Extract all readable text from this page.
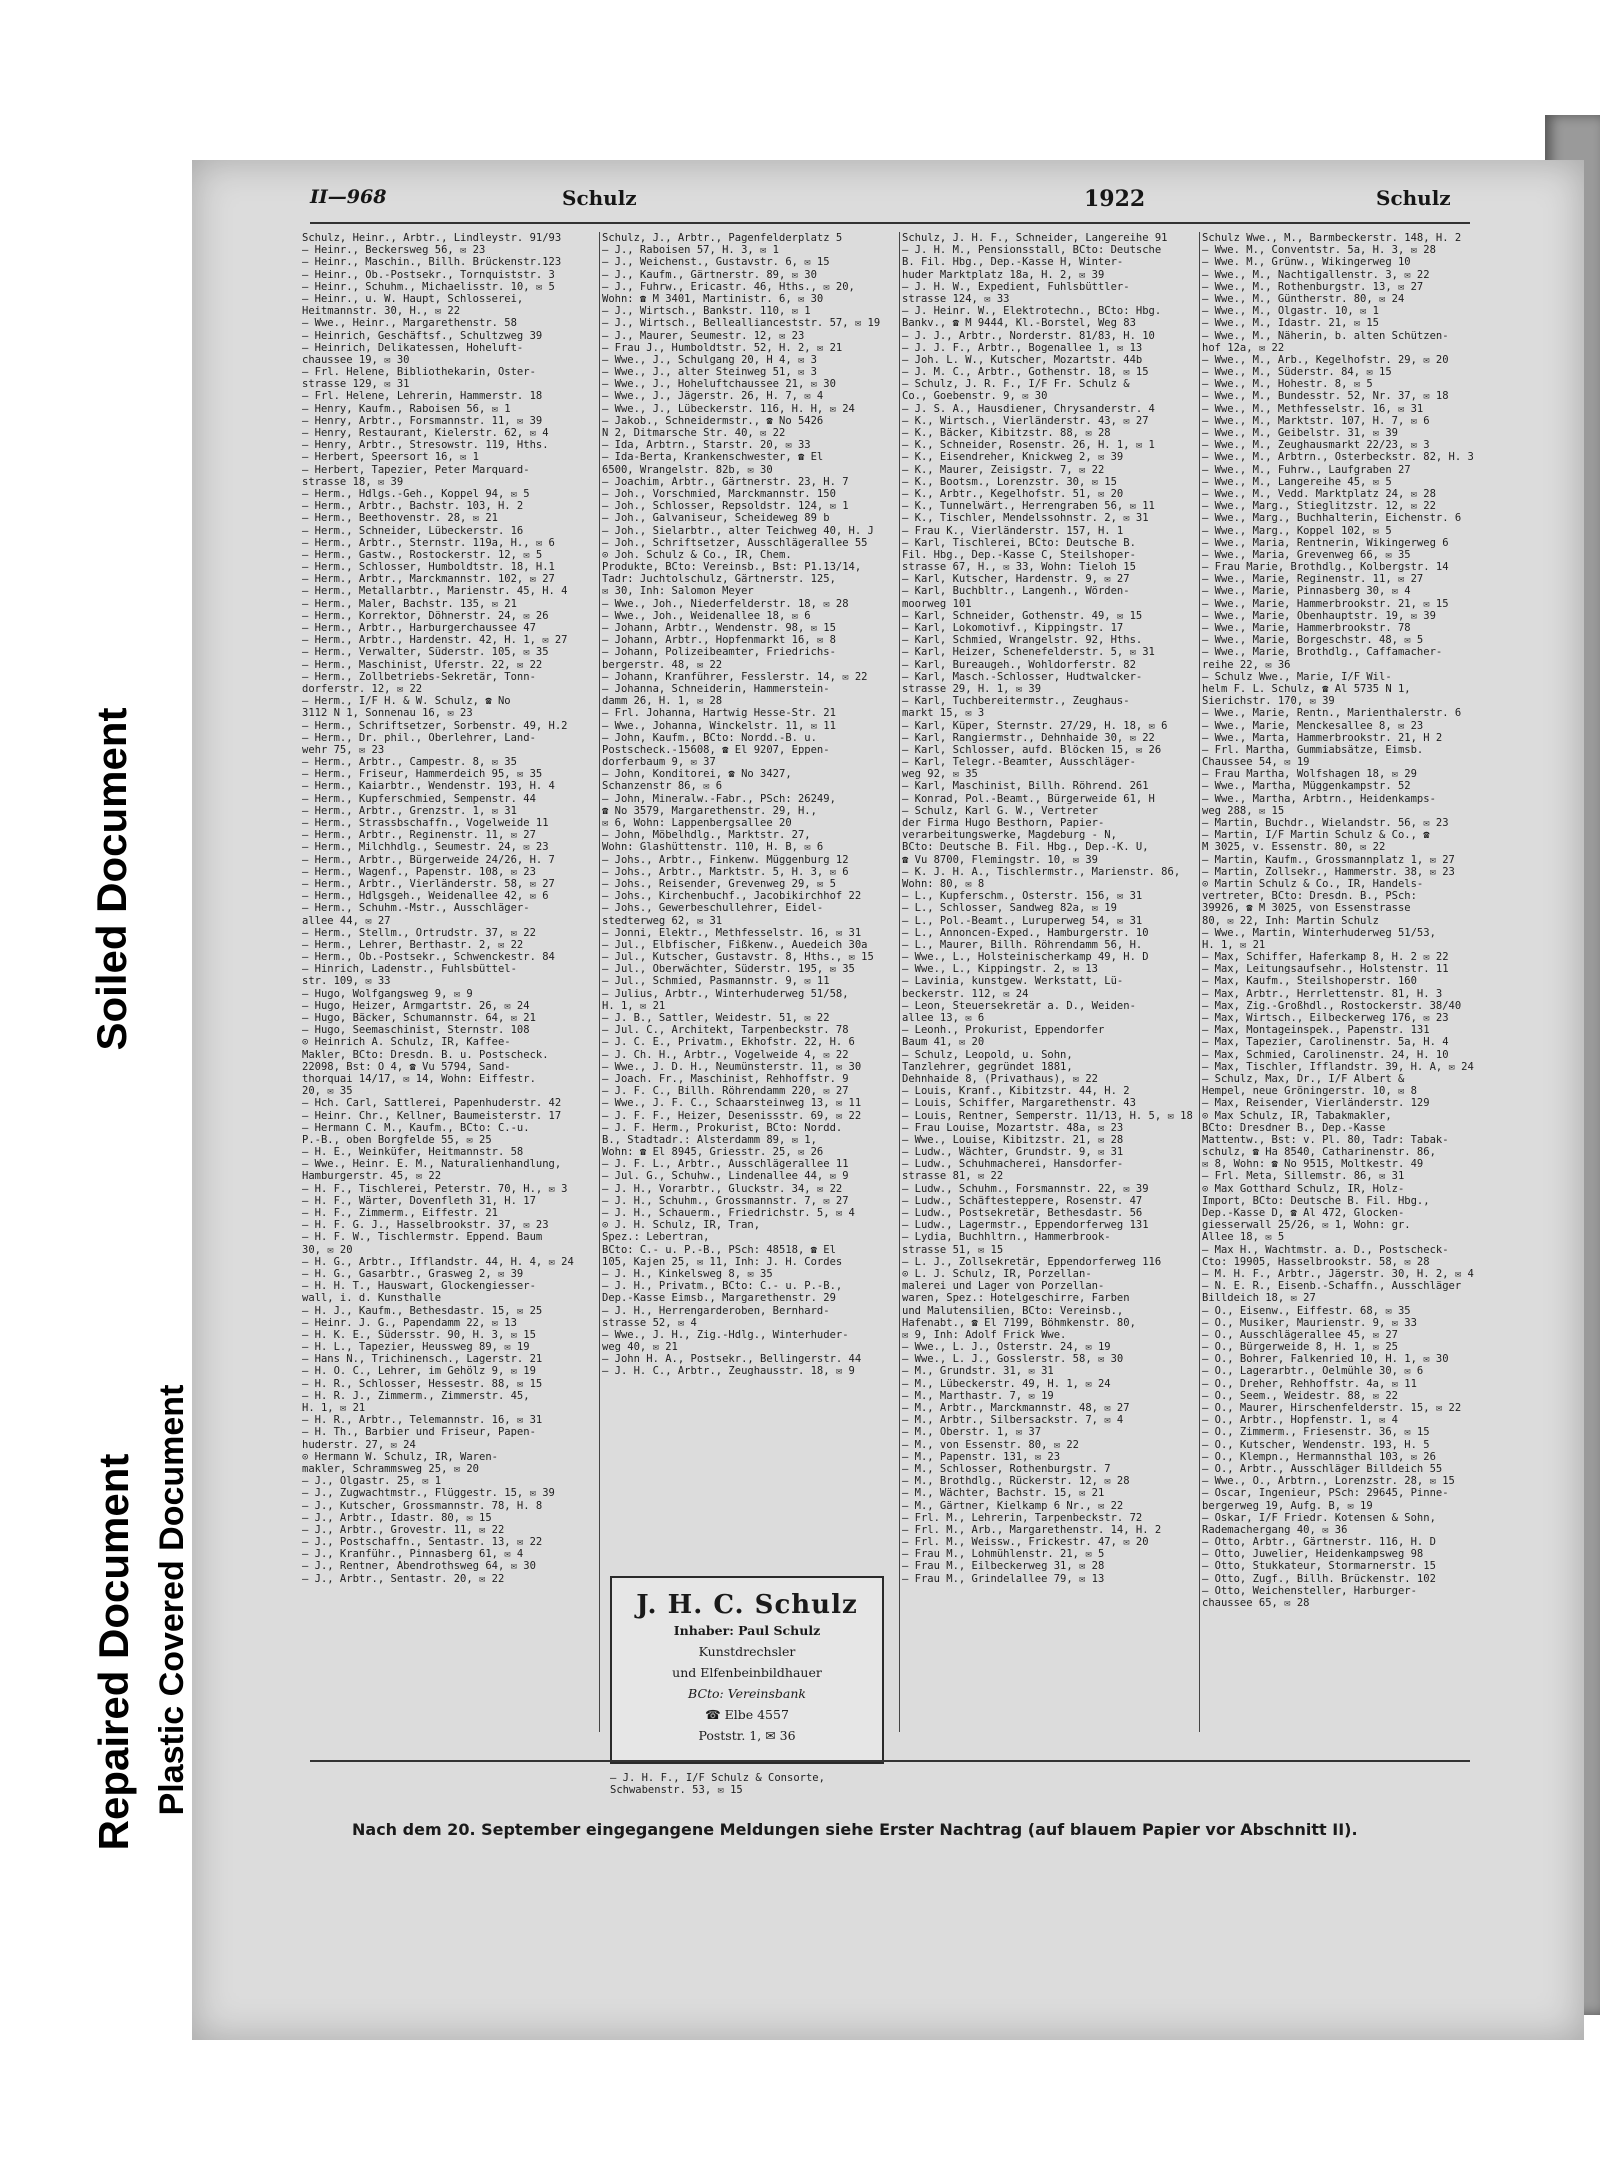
II—968	Schulz	1922	Schulz
Schulz, Heinr., Arbtr., Lindleystr. 91/93
— Heinr., Beckersweg 56, ✉ 23
— Heinr., Maschin., Billh. Brückenstr.123
— Heinr., Ob.-Postsekr., Tornquiststr. 3
— Heinr., Schuhm., Michaelisstr. 10, ✉ 5
— Heinr., u. W. Haupt, Schlosserei,
Heitmannstr. 30, H., ✉ 22
— Wwe., Heinr., Margarethenstr. 58
— Heinrich, Geschäftsf., Schultzweg 39
— Heinrich, Delikatessen, Hoheluft-
chaussee 19, ✉ 30
— Frl. Helene, Bibliothekarin, Oster-
strasse 129, ✉ 31
— Frl. Helene, Lehrerin, Hammerstr. 18
— Henry, Kaufm., Raboisen 56, ✉ 1
— Henry, Arbtr., Forsmannstr. 11, ✉ 39
— Henry, Restaurant, Kielerstr. 62, ✉ 4
— Henry, Arbtr., Stresowstr. 119, Hths.
— Herbert, Speersort 16, ✉ 1
— Herbert, Tapezier, Peter Marquard-
strasse 18, ✉ 39
— Herm., Hdlgs.-Geh., Koppel 94, ✉ 5
— Herm., Arbtr., Bachstr. 103, H. 2
— Herm., Beethovenstr. 28, ✉ 21
— Herm., Schneider, Lübeckerstr. 16
— Herm., Arbtr., Sternstr. 119a, H., ✉ 6
— Herm., Gastw., Rostockerstr. 12, ✉ 5
— Herm., Schlosser, Humboldtstr. 18, H.1
— Herm., Arbtr., Marckmannstr. 102, ✉ 27
— Herm., Metallarbtr., Marienstr. 45, H. 4
— Herm., Maler, Bachstr. 135, ✉ 21
— Herm., Korrektor, Döhnerstr. 24, ✉ 26
— Herm., Arbtr., Harburgerchaussee 47
— Herm., Arbtr., Hardenstr. 42, H. 1, ✉ 27
— Herm., Verwalter, Süderstr. 105, ✉ 35
— Herm., Maschinist, Uferstr. 22, ✉ 22
— Herm., Zollbetriebs-Sekretär, Tonn-
dorferstr. 12, ✉ 22
— Herm., I/F H. & W. Schulz, ☎ No
3112 N 1, Sonnenau 16, ✉ 23
— Herm., Schriftsetzer, Sorbenstr. 49, H.2
— Herm., Dr. phil., Oberlehrer, Land-
wehr 75, ✉ 23
— Herm., Arbtr., Campestr. 8, ✉ 35
— Herm., Friseur, Hammerdeich 95, ✉ 35
— Herm., Kaiarbtr., Wendenstr. 193, H. 4
— Herm., Kupferschmied, Sempenstr. 44
— Herm., Arbtr., Grenzstr. 1, ✉ 31
— Herm., Strassbschaffn., Vogelweide 11
— Herm., Arbtr., Reginenstr. 11, ✉ 27
— Herm., Milchhdlg., Seumestr. 24, ✉ 23
— Herm., Arbtr., Bürgerweide 24/26, H. 7
— Herm., Wagenf., Papenstr. 108, ✉ 23
— Herm., Arbtr., Vierländerstr. 58, ✉ 27
— Herm., Hdlgsgeh., Weidenallee 42, ✉ 6
— Herm., Schuhm.-Mstr., Ausschläger-
allee 44, ✉ 27
— Herm., Stellm., Ortrudstr. 37, ✉ 22
— Herm., Lehrer, Berthastr. 2, ✉ 22
— Herm., Ob.-Postsekr., Schwenckestr. 84
— Hinrich, Ladenstr., Fuhlsbüttel-
str. 109, ✉ 33
— Hugo, Wolfgangsweg 9, ✉ 9
— Hugo, Heizer, Armgartstr. 26, ✉ 24
— Hugo, Bäcker, Schumannstr. 64, ✉ 21
— Hugo, Seemaschinist, Sternstr. 108
⊙ Heinrich A. Schulz, IR, Kaffee-
Makler, BCto: Dresdn. B. u. Postscheck.
22098, Bst: O 4, ☎ Vu 5794, Sand-
thorquai 14/17, ✉ 14, Wohn: Eiffestr.
20, ✉ 35
— Hch. Carl, Sattlerei, Papenhuderstr. 42
— Heinr. Chr., Kellner, Baumeisterstr. 17
— Hermann C. M., Kaufm., BCto: C.-u.
P.-B., oben Borgfelde 55, ✉ 25
— H. E., Weinküfer, Heitmannstr. 58
— Wwe., Heinr. E. M., Naturalienhandlung,
Hamburgerstr. 45, ✉ 22
— H. F., Tischlerei, Peterstr. 70, H., ✉ 3
— H. F., Wärter, Dovenfleth 31, H. 17
— H. F., Zimmerm., Eiffestr. 21
— H. F. G. J., Hasselbrookstr. 37, ✉ 23
— H. F. W., Tischlermstr. Eppend. Baum
30, ✉ 20
— H. G., Arbtr., Ifflandstr. 44, H. 4, ✉ 24
— H. G., Gasarbtr., Grasweg 2, ✉ 39
— H. H. T., Hauswart, Glockengiesser-
wall, i. d. Kunsthalle
— H. J., Kaufm., Bethesdastr. 15, ✉ 25
— Heinr. J. G., Papendamm 22, ✉ 13
— H. K. E., Südersstr. 90, H. 3, ✉ 15
— H. L., Tapezier, Heussweg 89, ✉ 19
— Hans N., Trichinensch., Lagerstr. 21
— H. O. C., Lehrer, im Gehölz 9, ✉ 19
— H. R., Schlosser, Hessestr. 88, ✉ 15
— H. R. J., Zimmerm., Zimmerstr. 45,
H. 1, ✉ 21
— H. R., Arbtr., Telemannstr. 16, ✉ 31
— H. Th., Barbier und Friseur, Papen-
huderstr. 27, ✉ 24
⊙ Hermann W. Schulz, IR, Waren-
makler, Schrammsweg 25, ✉ 20
— J., Olgastr. 25, ✉ 1
— J., Zugwachtmstr., Flüggestr. 15, ✉ 39
— J., Kutscher, Grossmannstr. 78, H. 8
— J., Arbtr., Idastr. 80, ✉ 15
— J., Arbtr., Grovestr. 11, ✉ 22
— J., Postschaffn., Sentastr. 13, ✉ 22
— J., Kranführ., Pinnasberg 61, ✉ 4
— J., Rentner, Abendrothsweg 64, ✉ 30
— J., Arbtr., Sentastr. 20, ✉ 22
Schulz, J., Arbtr., Pagenfelderplatz 5
— J., Raboisen 57, H. 3, ✉ 1
— J., Weichenst., Gustavstr. 6, ✉ 15
— J., Kaufm., Gärtnerstr. 89, ✉ 30
— J., Fuhrw., Ericastr. 46, Hths., ✉ 20,
Wohn: ☎ M 3401, Martinistr. 6, ✉ 30
— J., Wirtsch., Bankstr. 110, ✉ 1
— J., Wirtsch., Belleallianceststr. 57, ✉ 19
— J., Maurer, Seumestr. 12, ✉ 23
— Frau J., Humboldtstr. 52, H. 2, ✉ 21
— Wwe., J., Schulgang 20, H 4, ✉ 3
— Wwe., J., alter Steinweg 51, ✉ 3
— Wwe., J., Hoheluftchaussee 21, ✉ 30
— Wwe., J., Jägerstr. 26, H. 7, ✉ 4
— Wwe., J., Lübeckerstr. 116, H. H, ✉ 24
— Jakob., Schneidermstr., ☎ No 5426
N 2, Ditmarsche Str. 40, ✉ 22
— Ida, Arbtrn., Starstr. 20, ✉ 33
— Ida-Berta, Krankenschwester, ☎ El
6500, Wrangelstr. 82b, ✉ 30
— Joachim, Arbtr., Gärtnerstr. 23, H. 7
— Joh., Vorschmied, Marckmannstr. 150
— Joh., Schlosser, Repsoldstr. 124, ✉ 1
— Joh., Galvaniseur, Scheideweg 89 b
— Joh., Sielarbtr., alter Teichweg 40, H. J
— Joh., Schriftsetzer, Ausschlägerallee 55
⊙ Joh. Schulz & Co., IR, Chem.
Produkte, BCto: Vereinsb., Bst: P1.13/14,
Tadr: Juchtolschulz, Gärtnerstr. 125,
✉ 30, Inh: Salomon Meyer
— Wwe., Joh., Niederfelderstr. 18, ✉ 28
— Wwe., Joh., Weidenallee 18, ✉ 6
— Johann, Arbtr., Wendenstr. 98, ✉ 15
— Johann, Arbtr., Hopfenmarkt 16, ✉ 8
— Johann, Polizeibeamter, Friedrichs-
bergerstr. 48, ✉ 22
— Johann, Kranführer, Fesslerstr. 14, ✉ 22
— Johanna, Schneiderin, Hammerstein-
damm 26, H. 1, ✉ 28
— Frl. Johanna, Hartwig Hesse-Str. 21
— Wwe., Johanna, Winckelstr. 11, ✉ 11
— John, Kaufm., BCto: Nordd.-B. u.
Postscheck.-15608, ☎ El 9207, Eppen-
dorferbaum 9, ✉ 37
— John, Konditorei, ☎ No 3427,
Schanzenstr 86, ✉ 6
— John, Mineralw.-Fabr., PSch: 26249,
☎ No 3579, Margarethenstr. 29, H.,
✉ 6, Wohn: Lappenbergsallee 20
— John, Möbelhdlg., Marktstr. 27,
Wohn: Glashüttenstr. 110, H. B, ✉ 6
— Johs., Arbtr., Finkenw. Müggenburg 12
— Johs., Arbtr., Marktstr. 5, H. 3, ✉ 6
— Johs., Reisender, Grevenweg 29, ✉ 5
— Johs., Kirchenbuchf., Jacobikirchhof 22
— Johs., Gewerbeschullehrer, Eidel-
stedterweg 62, ✉ 31
— Jonni, Elektr., Methfesselstr. 16, ✉ 31
— Jul., Elbfischer, Fißkenw., Auedeich 30a
— Jul., Kutscher, Gustavstr. 8, Hths., ✉ 15
— Jul., Oberwächter, Süderstr. 195, ✉ 35
— Jul., Schmied, Pasmannstr. 9, ✉ 11
— Julius, Arbtr., Winterhuderweg 51/58,
H. 1, ✉ 21
— J. B., Sattler, Weidestr. 51, ✉ 22
— Jul. C., Architekt, Tarpenbeckstr. 78
— J. C. E., Privatm., Ekhofstr. 22, H. 6
— J. Ch. H., Arbtr., Vogelweide 4, ✉ 22
— Wwe., J. D. H., Neumünsterstr. 11, ✉ 30
— Joach. Fr., Maschinist, Rehhoffstr. 9
— J. F. C., Billh. Röhrendamm 220, ✉ 27
— Wwe., J. F. C., Schaarsteinweg 13, ✉ 11
— J. F. F., Heizer, Desenissstr. 69, ✉ 22
— J. F. Herm., Prokurist, BCto: Nordd.
B., Stadtadr.: Alsterdamm 89, ✉ 1,
Wohn: ☎ El 8945, Griesstr. 25, ✉ 26
— J. F. L., Arbtr., Ausschlägerallee 11
— Jul. G., Schuhw., Lindenallee 44, ✉ 9
— J. H., Vorarbtr., Gluckstr. 34, ✉ 22
— J. H., Schuhm., Grossmannstr. 7, ✉ 27
— J. H., Schauerm., Friedrichstr. 5, ✉ 4
⊙ J. H. Schulz, IR, Tran,
Spez.: Lebertran,
BCto: C.- u. P.-B., PSch: 48518, ☎ El
105, Kajen 25, ✉ 11, Inh: J. H. Cordes
— J. H., Kinkelsweg 8, ✉ 35
— J. H., Privatm., BCto: C.- u. P.-B.,
Dep.-Kasse Eimsb., Margarethenstr. 29
— J. H., Herrengarderoben, Bernhard-
strasse 52, ✉ 4
— Wwe., J. H., Zig.-Hdlg., Winterhuder-
weg 40, ✉ 21
— John H. A., Postsekr., Bellingerstr. 44
— J. H. C., Arbtr., Zeughausstr. 18, ✉ 9
Schulz, J. H. F., Schneider, Langereihe 91
— J. H. M., Pensionsstall, BCto: Deutsche
B. Fil. Hbg., Dep.-Kasse H, Winter-
huder Marktplatz 18a, H. 2, ✉ 39
— J. H. W., Expedient, Fuhlsbüttler-
strasse 124, ✉ 33
— J. Heinr. W., Elektrotechn., BCto: Hbg.
Bankv., ☎ M 9444, Kl.-Borstel, Weg 83
— J. J., Arbtr., Norderstr. 81/83, H. 10
— J. J. F., Arbtr., Bogenallee 1, ✉ 13
— Joh. L. W., Kutscher, Mozartstr. 44b
— J. M. C., Arbtr., Gothenstr. 18, ✉ 15
— Schulz, J. R. F., I/F Fr. Schulz &
Co., Goebenstr. 9, ✉ 30
— J. S. A., Hausdiener, Chrysanderstr. 4
— K., Wirtsch., Vierländerstr. 43, ✉ 27
— K., Bäcker, Kibitzstr. 88, ✉ 28
— K., Schneider, Rosenstr. 26, H. 1, ✉ 1
— K., Eisendreher, Knickweg 2, ✉ 39
— K., Maurer, Zeisigstr. 7, ✉ 22
— K., Bootsm., Lorenzstr. 30, ✉ 15
— K., Arbtr., Kegelhofstr. 51, ✉ 20
— K., Tunnelwärt., Herrengraben 56, ✉ 11
— K., Tischler, Mendelssohnstr. 2, ✉ 31
— Frau K., Vierländerstr. 157, H. 1
— Karl, Tischlerei, BCto: Deutsche B.
Fil. Hbg., Dep.-Kasse C, Steilshoper-
strasse 67, H., ✉ 33, Wohn: Tieloh 15
— Karl, Kutscher, Hardenstr. 9, ✉ 27
— Karl, Buchbltr., Langenh., Wörden-
moorweg 101
— Karl, Schneider, Gothenstr. 49, ✉ 15
— Karl, Lokomotivf., Kippingstr. 17
— Karl, Schmied, Wrangelstr. 92, Hths.
— Karl, Heizer, Schenefelderstr. 5, ✉ 31
— Karl, Bureaugeh., Wohldorferstr. 82
— Karl, Masch.-Schlosser, Hudtwalcker-
strasse 29, H. 1, ✉ 39
— Karl, Tuchbereitermstr., Zeughaus-
markt 15, ✉ 3
— Karl, Küper, Sternstr. 27/29, H. 18, ✉ 6
— Karl, Rangiermstr., Dehnhaide 30, ✉ 22
— Karl, Schlosser, aufd. Blöcken 15, ✉ 26
— Karl, Telegr.-Beamter, Ausschläger-
weg 92, ✉ 35
— Karl, Maschinist, Billh. Röhrend. 261
— Konrad, Pol.-Beamt., Bürgerweide 61, H
— Schulz, Karl G. W., Vertreter
der Firma Hugo Besthorn, Papier-
verarbeitungswerke, Magdeburg - N,
BCto: Deutsche B. Fil. Hbg., Dep.-K. U,
☎ Vu 8700, Flemingstr. 10, ✉ 39
— K. J. H. A., Tischlermstr., Marienstr. 86,
Wohn: 80, ✉ 8
— L., Kupferschm., Osterstr. 156, ✉ 31
— L., Schlosser, Sandweg 82a, ✉ 19
— L., Pol.-Beamt., Luruperweg 54, ✉ 31
— L., Annoncen-Exped., Hamburgerstr. 10
— L., Maurer, Billh. Röhrendamm 56, H.
— Wwe., L., Holsteinischerkamp 49, H. D
— Wwe., L., Kippingstr. 2, ✉ 13
— Lavinia, kunstgew. Werkstatt, Lü-
beckerstr. 112, ✉ 24
— Leon, Steuersekretär a. D., Weiden-
allee 13, ✉ 6
— Leonh., Prokurist, Eppendorfer
Baum 41, ✉ 20
— Schulz, Leopold, u. Sohn,
Tanzlehrer, gegründet 1881,
Dehnhaide 8, (Privathaus), ✉ 22
— Louis, Kranf., Kibitzstr. 44, H. 2
— Louis, Schiffer, Margarethenstr. 43
— Louis, Rentner, Semperstr. 11/13, H. 5, ✉ 18
— Frau Louise, Mozartstr. 48a, ✉ 23
— Wwe., Louise, Kibitzstr. 21, ✉ 28
— Ludw., Wächter, Grundstr. 9, ✉ 31
— Ludw., Schuhmacherei, Hansdorfer-
strasse 81, ✉ 22
— Ludw., Schuhm., Forsmannstr. 22, ✉ 39
— Ludw., Schäftesteppere, Rosenstr. 47
— Ludw., Postsekretär, Bethesdastr. 56
— Ludw., Lagermstr., Eppendorferweg 131
— Lydia, Buchhltrn., Hammerbrook-
strasse 51, ✉ 15
— L. J., Zollsekretär, Eppendorferweg 116
⊙ L. J. Schulz, IR, Porzellan-
malerei und Lager von Porzellan-
waren, Spez.: Hotelgeschirre, Farben
und Malutensilien, BCto: Vereinsb.,
Hafenabt., ☎ El 7199, Böhmkenstr. 80,
✉ 9, Inh: Adolf Frick Wwe.
— Wwe., L. J., Osterstr. 24, ✉ 19
— Wwe., L. J., Gosslerstr. 58, ✉ 30
— M., Grundstr. 31, ✉ 31
— M., Lübeckerstr. 49, H. 1, ✉ 24
— M., Marthastr. 7, ✉ 19
— M., Arbtr., Marckmannstr. 48, ✉ 27
— M., Arbtr., Silbersackstr. 7, ✉ 4
— M., Oberstr. 1, ✉ 37
— M., von Essenstr. 80, ✉ 22
— M., Papenstr. 131, ✉ 23
— M., Schlosser, Rothenburgstr. 7
— M., Brothdlg., Rückerstr. 12, ✉ 28
— M., Wächter, Bachstr. 15, ✉ 21
— M., Gärtner, Kielkamp 6 Nr., ✉ 22
— Frl. M., Lehrerin, Tarpenbeckstr. 72
— Frl. M., Arb., Margarethenstr. 14, H. 2
— Frl. M., Weissw., Frickestr. 47, ✉ 20
— Frau M., Lohmühlenstr. 21, ✉ 5
— Frau M., Eilbeckerweg 31, ✉ 28
— Frau M., Grindelallee 79, ✉ 13
Schulz Wwe., M., Barmbeckerstr. 148, H. 2
— Wwe. M., Conventstr. 5a, H. 3, ✉ 28
— Wwe. M., Grünw., Wikingerweg 10
— Wwe., M., Nachtigallenstr. 3, ✉ 22
— Wwe., M., Rothenburgstr. 13, ✉ 27
— Wwe., M., Güntherstr. 80, ✉ 24
— Wwe., M., Olgastr. 10, ✉ 1
— Wwe., M., Idastr. 21, ✉ 15
— Wwe., M., Näherin, b. alten Schützen-
hof 12a, ✉ 22
— Wwe., M., Arb., Kegelhofstr. 29, ✉ 20
— Wwe., M., Süderstr. 84, ✉ 15
— Wwe., M., Hohestr. 8, ✉ 5
— Wwe., M., Bundesstr. 52, Nr. 37, ✉ 18
— Wwe., M., Methfesselstr. 16, ✉ 31
— Wwe., M., Marktstr. 107, H. 7, ✉ 6
— Wwe., M., Geibelstr. 31, ✉ 39
— Wwe., M., Zeughausmarkt 22/23, ✉ 3
— Wwe., M., Arbtrn., Osterbeckstr. 82, H. 3
— Wwe., M., Fuhrw., Laufgraben 27
— Wwe., M., Langereihe 45, ✉ 5
— Wwe., M., Vedd. Marktplatz 24, ✉ 28
— Wwe., Marg., Stieglitzstr. 12, ✉ 22
— Wwe., Marg., Buchhalterin, Eichenstr. 6
— Wwe., Marg., Koppel 102, ✉ 5
— Wwe., Maria, Rentnerin, Wikingerweg 6
— Wwe., Maria, Grevenweg 66, ✉ 35
— Frau Marie, Brothdlg., Kolbergstr. 14
— Wwe., Marie, Reginenstr. 11, ✉ 27
— Wwe., Marie, Pinnasberg 30, ✉ 4
— Wwe., Marie, Hammerbrookstr. 21, ✉ 15
— Wwe., Marie, Obenhauptstr. 19, ✉ 39
— Wwe., Marie, Hammerbrookstr. 78
— Wwe., Marie, Borgeschstr. 48, ✉ 5
— Wwe., Marie, Brothdlg., Caffamacher-
reihe 22, ✉ 36
— Schulz Wwe., Marie, I/F Wil-
helm F. L. Schulz, ☎ Al 5735 N 1,
Sierichstr. 170, ✉ 39
— Wwe., Marie, Rentn., Marienthalerstr. 6
— Wwe., Marie, Menckesallee 8, ✉ 23
— Wwe., Marta, Hammerbrookstr. 21, H 2
— Frl. Martha, Gummiabsätze, Eimsb.
Chaussee 54, ✉ 19
— Frau Martha, Wolfshagen 18, ✉ 29
— Wwe., Martha, Müggenkampstr. 52
— Wwe., Martha, Arbtrn., Heidenkamps-
weg 288, ✉ 15
— Martin, Buchdr., Wielandstr. 56, ✉ 23
— Martin, I/F Martin Schulz & Co., ☎
M 3025, v. Essenstr. 80, ✉ 22
— Martin, Kaufm., Grossmannplatz 1, ✉ 27
— Martin, Zollsekr., Hammerstr. 38, ✉ 23
⊙ Martin Schulz & Co., IR, Handels-
vertreter, BCto: Dresdn. B., PSch:
39926, ☎ M 3025, von Essenstrasse
80, ✉ 22, Inh: Martin Schulz
— Wwe., Martin, Winterhuderweg 51/53,
H. 1, ✉ 21
— Max, Schiffer, Haferkamp 8, H. 2 ✉ 22
— Max, Leitungsaufsehr., Holstenstr. 11
— Max, Kaufm., Steilshoperstr. 160
— Max, Arbtr., Herrlettenstr. 81, H. 3
— Max, Zig.-Großhdl., Rostockerstr. 38/40
— Max, Wirtsch., Eilbeckerweg 176, ✉ 23
— Max, Montageinspek., Papenstr. 131
— Max, Tapezier, Carolinenstr. 5a, H. 4
— Max, Schmied, Carolinenstr. 24, H. 10
— Max, Tischler, Ifflandstr. 39, H. A, ✉ 24
— Schulz, Max, Dr., I/F Albert &
Hempel, neue Gröningerstr. 10, ✉ 8
— Max, Reisender, Vierländerstr. 129
⊙ Max Schulz, IR, Tabakmakler,
BCto: Dresdner B., Dep.-Kasse
Mattentw., Bst: v. Pl. 80, Tadr: Tabak-
schulz, ☎ Ha 8540, Catharinenstr. 86,
✉ 8, Wohn: ☎ No 9515, Moltkestr. 49
— Frl. Meta, Sillemstr. 86, ✉ 31
⊙ Max Gotthard Schulz, IR, Holz-
Import, BCto: Deutsche B. Fil. Hbg.,
Dep.-Kasse D, ☎ Al 472, Glocken-
giesserwall 25/26, ✉ 1, Wohn: gr.
Allee 18, ✉ 5
— Max H., Wachtmstr. a. D., Postscheck-
Cto: 19905, Hasselbrookstr. 58, ✉ 28
— M. H. F., Arbtr., Jägerstr. 30, H. 2, ✉ 4
— N. E. R., Eisenb.-Schaffn., Ausschläger
Billdeich 18, ✉ 27
— O., Eisenw., Eiffestr. 68, ✉ 35
— O., Musiker, Maurienstr. 9, ✉ 33
— O., Ausschlägerallee 45, ✉ 27
— O., Bürgerweide 8, H. 1, ✉ 25
— O., Bohrer, Falkenried 10, H. 1, ✉ 30
— O., Lagerarbtr., Oelmühle 30, ✉ 6
— O., Dreher, Rehhoffstr. 4a, ✉ 11
— O., Seem., Weidestr. 88, ✉ 22
— O., Maurer, Hirschenfelderstr. 15, ✉ 22
— O., Arbtr., Hopfenstr. 1, ✉ 4
— O., Zimmerm., Friesenstr. 36, ✉ 15
— O., Kutscher, Wendenstr. 193, H. 5
— O., Klempn., Hermannsthal 103, ✉ 26
— O., Arbtr., Ausschläger Billdeich 55
— Wwe., O., Arbtrn., Lorenzstr. 28, ✉ 15
— Oscar, Ingenieur, PSch: 29645, Pinne-
bergerweg 19, Aufg. B, ✉ 19
— Oskar, I/F Friedr. Kotensen & Sohn,
Rademachergang 40, ✉ 36
— Otto, Arbtr., Gärtnerstr. 116, H. D
— Otto, Juwelier, Heidenkampsweg 98
— Otto, Stukkateur, Stormarnerstr. 15
— Otto, Zugf., Billh. Brückenstr. 102
— Otto, Weichensteller, Harburger-
chaussee 65, ✉ 28
J. H. C. Schulz
Inhaber: Paul Schulz
Kunstdrechsler
und Elfenbeinbildhauer
BCto: Vereinsbank
☎ Elbe 4557
Poststr. 1, ✉ 36
— J. H. F., I/F Schulz & Consorte,
Schwabenstr. 53, ✉ 15
Nach dem 20. September eingegangene Meldungen siehe Erster Nachtrag (auf blauem Papier vor Abschnitt II).
Soiled Document
Repaired Document Plastic Covered Document
